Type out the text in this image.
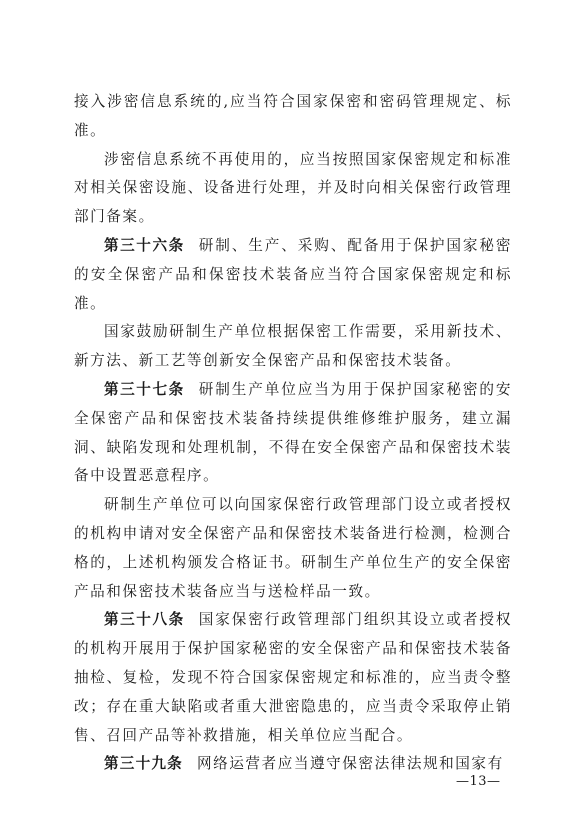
接入涉密信息系统的,应当符合国家保密和密码管理规定、标准。

涉密信息系统不再使用的，应当按照国家保密规定和标准对相关保密设施、设备进行处理，并及时向相关保密行政管理部门备案。

第三十六条 研制、生产、采购、配备用于保护国家秘密的安全保密产品和保密技术装备应当符合国家保密规定和标准。

国家鼓励研制生产单位根据保密工作需要，采用新技术、新方法、新工艺等创新安全保密产品和保密技术装备。

第三十七条 研制生产单位应当为用于保护国家秘密的安全保密产品和保密技术装备持续提供维修维护服务，建立漏洞、缺陷发现和处理机制，不得在安全保密产品和保密技术装备中设置恶意程序。

研制生产单位可以向国家保密行政管理部门设立或者授权的机构申请对安全保密产品和保密技术装备进行检测，检测合格的，上述机构颁发合格证书。研制生产单位生产的安全保密产品和保密技术装备应当与送检样品一致。

第三十八条 国家保密行政管理部门组织其设立或者授权的机构开展用于保护国家秘密的安全保密产品和保密技术装备抽检、复检，发现不符合国家保密规定和标准的，应当责令整改；存在重大缺陷或者重大泄密隐患的，应当责令采取停止销售、召回产品等补救措施，相关单位应当配合。

第三十九条 网络运营者应当遵守保密法律法规和国家有

—13—
